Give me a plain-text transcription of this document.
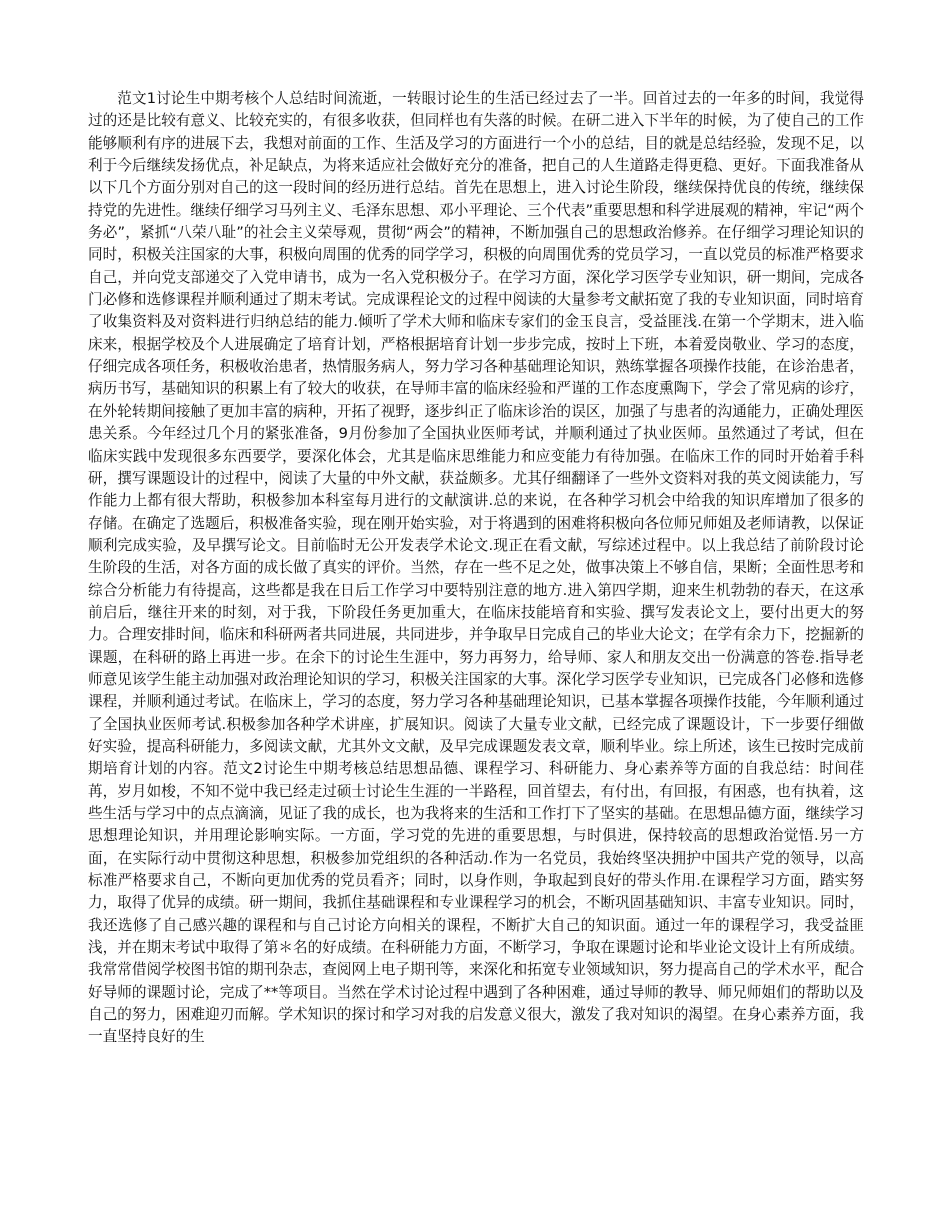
范文1讨论生中期考核个人总结时间流逝，一转眼讨论生的生活已经过去了一半。回首过去的一年多的时间，我觉得过的还是比较有意义、比较充实的，有很多收获，但同样也有失落的时候。在研二进入下半年的时候，为了使自己的工作能够顺利有序的进展下去，我想对前面的工作、生活及学习的方面进行一个小的总结，目的就是总结经验，发现不足，以利于今后继续发扬优点，补足缺点，为将来适应社会做好充分的准备，把自己的人生道路走得更稳、更好。下面我准备从以下几个方面分别对自己的这一段时间的经历进行总结。首先在思想上，进入讨论生阶段，继续保持优良的传统，继续保持党的先进性。继续仔细学习马列主义、毛泽东思想、邓小平理论、三个代表”重要思想和科学进展观的精神，牢记“两个务必”，紧抓“八荣八耻”的社会主义荣辱观，贯彻“两会”的精神，不断加强自己的思想政治修养。在仔细学习理论知识的同时，积极关注国家的大事，积极向周围的优秀的同学学习，积极的向周围优秀的党员学习，一直以党员的标准严格要求自己，并向党支部递交了入党申请书，成为一名入党积极分子。在学习方面，深化学习医学专业知识，研一期间，完成各门必修和选修课程并顺利通过了期末考试。完成课程论文的过程中阅读的大量参考文献拓宽了我的专业知识面，同时培育了收集资料及对资料进行归纳总结的能力.倾听了学术大师和临床专家们的金玉良言，受益匪浅.在第一个学期末，进入临床来，根据学校及个人进展确定了培育计划，严格根据培育计划一步步完成，按时上下班，本着爱岗敬业、学习的态度，仔细完成各项任务，积极收治患者，热情服务病人，努力学习各种基础理论知识，熟练掌握各项操作技能，在诊治患者，病历书写，基础知识的积累上有了较大的收获，在导师丰富的临床经验和严谨的工作态度熏陶下，学会了常见病的诊疗，在外轮转期间接触了更加丰富的病种，开拓了视野，逐步纠正了临床诊治的误区，加强了与患者的沟通能力，正确处理医患关系。今年经过几个月的紧张准备，9月份参加了全国执业医师考试，并顺利通过了执业医师。虽然通过了考试，但在临床实践中发现很多东西要学，要深化体会，尤其是临床思维能力和应变能力有待加强。在临床工作的同时开始着手科研，撰写课题设计的过程中，阅读了大量的中外文献，获益颇多。尤其仔细翻译了一些外文资料对我的英文阅读能力，写作能力上都有很大帮助，积极参加本科室每月进行的文献演讲.总的来说，在各种学习机会中给我的知识库增加了很多的存储。在确定了选题后，积极准备实验，现在刚开始实验，对于将遇到的困难将积极向各位师兄师姐及老师请教，以保证顺利完成实验，及早撰写论文。目前临时无公开发表学术论文.现正在看文献，写综述过程中。以上我总结了前阶段讨论生阶段的生活，对各方面的成长做了真实的评价。当然，存在一些不足之处，做事决策上不够自信，果断；全面性思考和综合分析能力有待提高，这些都是我在日后工作学习中要特别注意的地方.进入第四学期，迎来生机勃勃的春天，在这承前启后，继往开来的时刻，对于我，下阶段任务更加重大，在临床技能培育和实验、撰写发表论文上，要付出更大的努力。合理安排时间，临床和科研两者共同进展，共同进步，并争取早日完成自己的毕业大论文；在学有余力下，挖掘新的课题，在科研的路上再进一步。在余下的讨论生生涯中，努力再努力，给导师、家人和朋友交出一份满意的答卷.指导老师意见该学生能主动加强对政治理论知识的学习，积极关注国家的大事。深化学习医学专业知识，已完成各门必修和选修课程，并顺利通过考试。在临床上，学习的态度，努力学习各种基础理论知识，已基本掌握各项操作技能，今年顺利通过了全国执业医师考试.积极参加各种学术讲座，扩展知识。阅读了大量专业文献，已经完成了课题设计，下一步要仔细做好实验，提高科研能力，多阅读文献，尤其外文文献，及早完成课题发表文章，顺利毕业。综上所述，该生已按时完成前期培育计划的内容。范文2讨论生中期考核总结思想品德、课程学习、科研能力、身心素养等方面的自我总结：时间荏苒，岁月如梭，不知不觉中我已经走过硕士讨论生生涯的一半路程，回首望去，有付出，有回报，有困惑，也有执着，这些生活与学习中的点点滴滴，见证了我的成长，也为我将来的生活和工作打下了坚实的基础。在思想品德方面，继续学习思想理论知识，并用理论影响实际。一方面，学习党的先进的重要思想，与时俱进，保持较高的思想政治觉悟.另一方面，在实际行动中贯彻这种思想，积极参加党组织的各种活动.作为一名党员，我始终坚决拥护中国共产党的领导，以高标准严格要求自己，不断向更加优秀的党员看齐；同时，以身作则，争取起到良好的带头作用.在课程学习方面，踏实努力，取得了优异的成绩。研一期间，我抓住基础课程和专业课程学习的机会，不断巩固基础知识、丰富专业知识。同时，我还选修了自己感兴趣的课程和与自己讨论方向相关的课程，不断扩大自己的知识面。通过一年的课程学习，我受益匪浅，并在期末考试中取得了第＊名的好成绩。在科研能力方面，不断学习，争取在课题讨论和毕业论文设计上有所成绩。我常常借阅学校图书馆的期刊杂志，查阅网上电子期刊等，来深化和拓宽专业领域知识，努力提高自己的学术水平，配合好导师的课题讨论，完成了**等项目。当然在学术讨论过程中遇到了各种困难，通过导师的教导、师兄师姐们的帮助以及自己的努力，困难迎刃而解。学术知识的探讨和学习对我的启发意义很大，激发了我对知识的渴望。在身心素养方面，我一直坚持良好的生
